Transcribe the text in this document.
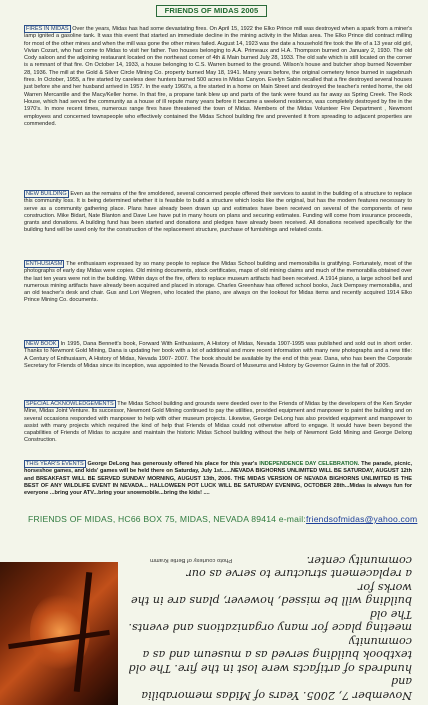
FRIENDS OF MIDAS 2005

FIRES IN MIDAS Over the years, Midas has had some devastating fires. On April 15, 1922 the Elko Prince mill was destroyed when a spark from a miner's lamp ignited a gasoline tank. It was this event that started an immediate decline in the mining activity in the Midas area. The Elko Prince did contract milling for most of the other mines and when the mill was gone the other mines failed. August 14, 1923 was the date a household fire took the life of a 13 year old girl, Vivian Cozart, who had come to Midas to visit her father. Two houses belonging to A.A. Primeaux and H.A. Thompson burned on January 2, 1930. The old Cody saloon and the adjoining restaurant located on the northeast corner of 4th & Main burned July 28, 1933. The old safe which is still located on the corner is a remnant of that fire. On October 14, 1933, a house belonging to C.S. Warren burned to the ground. Wilson's house and butcher shop burned November 28, 1936. The mill at the Gold & Silver Circle Mining Co. property burned May 18, 1941. Many years before, the original cemetery fence burned in sagebrush fires. In October, 1955, a fire started by careless deer hunters burned 500 acres in Midas Canyon. Evelyn Sabin recalled that a fire destroyed several houses just before she and her husband arrived in 1957. In the early 1960's, a fire started in a home on Main Street and destroyed the teacher's rented home, the old Warren Mercantile and the Macy/Keller home. In that fire, a propane tank blew up and parts of the tank were found as far away as Spring Creek. The Rock House, which had served the community as a house of ill repute many years before it became a weekend residence, was completely destroyed by fire in the 1970's. In more recent times, numerous range fires have threatened the town of Midas. Members of the Midas Volunteer Fire Department , Newmont employees and concerned townspeople who effectively contained the Midas School building fire and prevented it from spreading to adjacent properties are commended.

NEW BUILDING Even as the remains of the fire smoldered, several concerned people offered their services to assist in the building of a structure to replace this community loss. It is being determined whether it is feasible to build a structure which looks like the original, but has the modern features necessary to serve as a community gathering place. Plans have already been drawn up and estimates have been received on several of the components of new construction. Mike Bidart, Nate Blanton and Dave Lee have put in many hours on plans and securing estimates. Funding will come from insurance proceeds, grants and donations. A building fund has been started and donations and pledges have already been received. All donations received specifically for the building fund will be used only for the construction of the replacement structure, purchase of furnishings and related costs.

ENTHUSIASM The enthusiasm expressed by so many people to replace the Midas School building and memorabilia is gratifying. Fortunately, most of the photographs of early day Midas were copies. Old mining documents, stock certificates, maps of old mining claims and much of the memorabilia obtained over the last ten years were not in the building. Within days of the fire, offers to replace museum artifacts had been received. A 1914 piano, a large school bell and numerous mining artifacts have already been acquired and placed in storage. Charles Greenhaw has offered school books, Jack Dempsey memorabilia, and an old teacher's desk and chair. Gus and Lori Wegren, who located the piano, are always on the lookout for Midas items and recently acquired 1914 Elko Prince Mining Co. documents.

NEW BOOK In 1995, Dana Bennett's book, Forward With Enthusiasm, A History of Midas, Nevada 1907-1995 was published and sold out in short order. Thanks to Newmont Gold Mining, Dana is updating her book with a lot of additional and more recent information with many new photographs and a new title: A Century of Enthusiasm, A History of Midas, Nevada 1907- 2007. The book should be available by the end of this year. Dana, who has been the Corporate Secretary for Friends of Midas since its inception, was appointed to the Nevada Board of Museums and History by Governor Guinn in the fall of 2005.

SPECIAL ACKNOWLEDGEMENTS The Midas School building and grounds were deeded over to the Friends of Midas by the developers of the Ken Snyder Mine, Midas Joint Venture. Its successor, Newmont Gold Mining continued to pay the utilities, provided equipment and manpower to paint the building and on several occasions responded with manpower to help with other museum projects. Likewise, George DeLong has also provided equipment and manpower to assist with many projects which required the kind of help that Friends of Midas could not otherwise afford to engage. It would have been beyond the capabilities of Friends of Midas to acquire and maintain the historic Midas School building without the help of Newmont Gold Mining and George Delong Construction.

THIS YEAR'S EVENTS George DeLong has generously offered his place for this year's INDEPENDENCE DAY CELEBRATION. The parade, picnic, horseshoe games, and kids' games will be held there on Saturday, July 1st......NEVADA BIGHORNS UNLIMITED WILL BE SATURDAY, AUGUST 12th and BREAKFAST WILL BE SERVED SUNDAY MORNING, AUGUST 13th, 2006. THE MIDAS VERSION OF NEVADA BIGHORNS UNLIMITED IS THE BEST OF ANY WILDLIFE EVENT IN NEVADA... HALLOWEEN POT LUCK WILL BE SATURDAY EVENING, OCTOBER 28th...Midas is always fun for everyone ...bring your ATV...bring your snowmobile...bring the kids! ....

FRIENDS OF MIDAS, HC66 BOX 75, MIDAS, NEVADA 89414 e-mail:friendsofmidas@yahoo.com
Photo courtesy of Bertie Kramm

November 7, 2005. Years of Midas memorabilia and

hundreds of artifacts were lost in the fire. The old

textbook building served as a museum and as a community

meeting place for many organizations and events. The old

building will be missed, however, plans are in the works for

a replacement structure to serve as our community center.
